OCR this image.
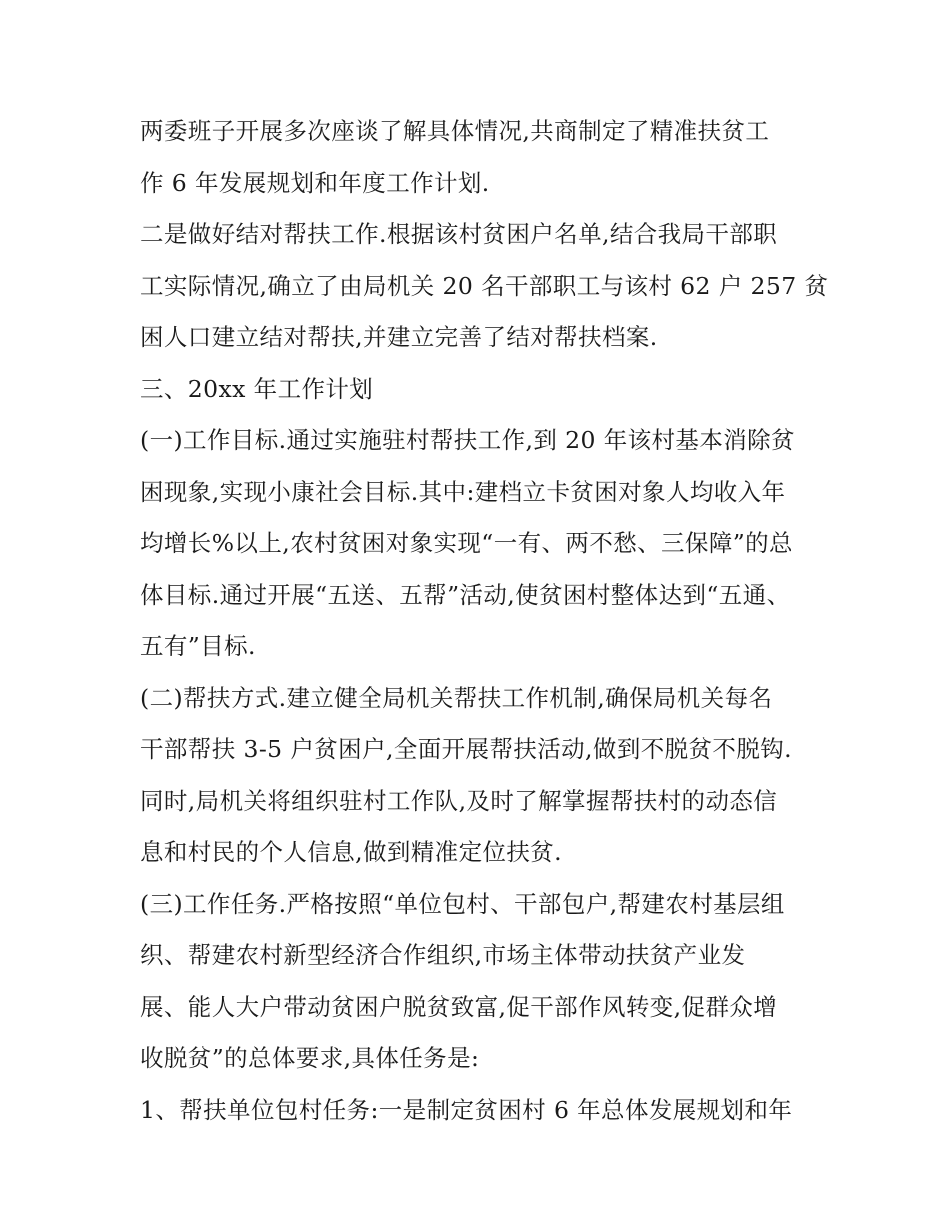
两委班子开展多次座谈了解具体情况,共商制定了精准扶贫工
作 6 年发展规划和年度工作计划.
二是做好结对帮扶工作.根据该村贫困户名单,结合我局干部职
工实际情况,确立了由局机关 20 名干部职工与该村 62 户 257 贫
困人口建立结对帮扶,并建立完善了结对帮扶档案.
三、20xx 年工作计划
(一)工作目标.通过实施驻村帮扶工作,到 20 年该村基本消除贫
困现象,实现小康社会目标.其中:建档立卡贫困对象人均收入年
均增长%以上,农村贫困对象实现“一有、两不愁、三保障”的总
体目标.通过开展“五送、五帮”活动,使贫困村整体达到“五通、
五有”目标.
(二)帮扶方式.建立健全局机关帮扶工作机制,确保局机关每名
干部帮扶 3-5 户贫困户,全面开展帮扶活动,做到不脱贫不脱钩.
同时,局机关将组织驻村工作队,及时了解掌握帮扶村的动态信
息和村民的个人信息,做到精准定位扶贫.
(三)工作任务.严格按照“单位包村、干部包户,帮建农村基层组
织、帮建农村新型经济合作组织,市场主体带动扶贫产业发
展、能人大户带动贫困户脱贫致富,促干部作风转变,促群众增
收脱贫”的总体要求,具体任务是:
1、帮扶单位包村任务:一是制定贫困村 6 年总体发展规划和年
